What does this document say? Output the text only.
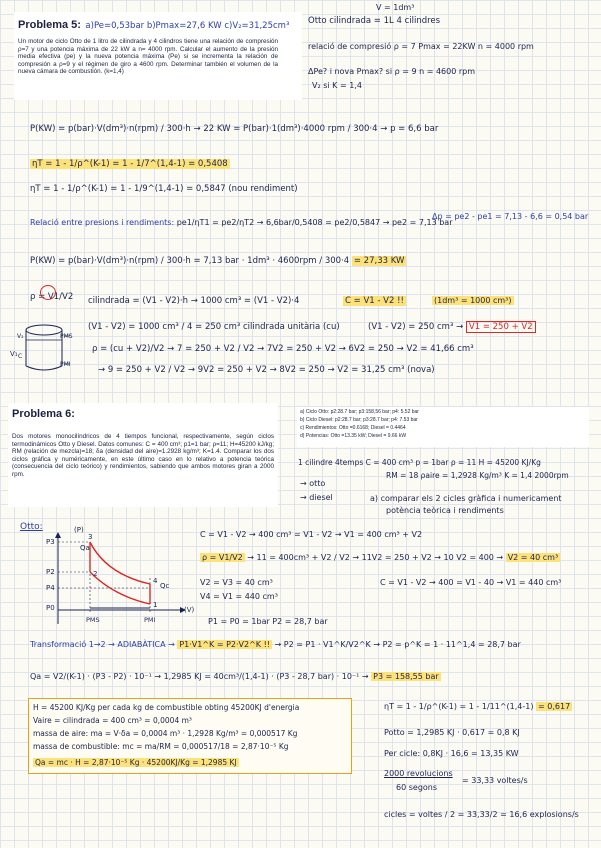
Problema 5: a)Pe=0,53bar b)Pmax=27,6 KW c)V₂=31,25cm³
Un motor de ciclo Otto de 1 litro de cilindrada y 4 cilindros tiene una relación de compresión ρ=7 y una potencia máxima de 22 kW a n= 4000 rpm. Calcular el aumento de la presión media efectiva (pe) y la nueva potencia máxima (Pe) si se incrementa la relación de compresión a ρ=9 y el régimen de giro a 4600 rpm. Determinar también el volumen de la nueva cámara de combustión. (k=1,4)
V = 1dm³
Otto cilindrada = 1L 4 cilindres
relació de compresió ρ = 7 Pmax = 22KW n = 4000 rpm
ΔPe? i nova Pmax? si ρ = 9 n = 4600 rpm
V₂ si K = 1,4
P(KW) = p(bar)·V(dm³)·n(rpm) / 300·h → 22 KW = P(bar)·1(dm³)·4000 rpm / 300·4 → p = 6,6 bar
ηT = 1 - 1/ρ^(K-1) = 1 - 1/7^(1,4-1) = 0,5408
ηT = 1 - 1/ρ^(K-1) = 1 - 1/9^(1,4-1) = 0,5847 (nou rendiment)
Relació entre presions i rendiments: pe1/ηT1 = pe2/ηT2 → 6,6bar/0,5408 = pe2/0,5847 → pe2 = 7,13 bar
Δp = pe2 - pe1 = 7,13 - 6,6 = 0,54 bar
P(KW) = p(bar)·V(dm³)·n(rpm) / 300·h = 7,13 bar · 1dm³ · 4600rpm / 300·4 = 27,33 KW
ρ = V1/V2 cilindrada = (V1 - V2)·h → 1000 cm³ = (V1 - V2)·4	C = V1 - V2 !!	(1dm³ = 1000 cm³)
(V1 - V2) = 1000 cm³ / 4 = 250 cm³ cilindrada unitària (cu)	(V1 - V2) = 250 cm³ → V1 = 250 + V2
V₁
V₂
C
PMS
PMI
ρ = (cu + V2)/V2 → 7 = 250 + V2 / V2 → 7V2 = 250 + V2 → 6V2 = 250 → V2 = 41,66 cm³
→ 9 = 250 + V2 / V2 → 9V2 = 250 + V2 → 8V2 = 250 → V2 = 31,25 cm³ (nova)
Problema 6:
Dos motores monocilíndricos de 4 tiempos funcional, respectivamente, según ciclos termodinámicos Otto y Diesel. Datos comunes: C = 400 cm³; p1=1 bar; ρ=11; H=45200 kJ/kg; RM (relación de mezcla)=18; δa (densidad del aire)=1.2928 kg/m³; K=1.4. Comparar los dos ciclos gráfica y numéricamente, en este último caso en lo relativo a potencia teórica (consecuencia del ciclo teórico) y rendimientos, sabiendo que ambos motores giran a 2000 rpm.
a) Ciclo Otto: p2:28.7 bar; p3:158,56 bar; p4: 5.52 bar
b) Ciclo Diesel: p2:28.7 bar; p3:28.7 bar; p4: 7.53 bar
c) Rendimientos: Otto =0.6168; Diesel = 0.4464
d) Potencias: Otto =13.35 kW; Diesel = 9.66 kW
1 cilindre 4temps C = 400 cm³ p = 1bar ρ = 11 H = 45200 KJ/Kg
RM = 18 ρaire = 1,2928 Kg/m³ K = 1,4 2000rpm
→ otto
→ diesel	a) comparar els 2 cicles gràfica i numericament
potència teòrica i rendiments
Otto:
3
2
4
1
(P)
(V)
Qa
Qc
P3
P2
P4
P0
PMS	PMI
C = V1 - V2 → 400 cm³ = V1 - V2 → V1 = 400 cm³ + V2
ρ = V1/V2 → 11 = 400cm³ + V2 / V2 → 11V2 = 250 + V2 → 10 V2 = 400 → V2 = 40 cm³
V2 = V3 = 40 cm³	C = V1 - V2 → 400 = V1 - 40 → V1 = 440 cm³
V4 = V1 = 440 cm³
P1 = P0 = 1bar P2 = 28,7 bar
Transformació 1→2 → ADIABÀTICA → P1·V1^K = P2·V2^K !! → P2 = P1 · V1^K/V2^K → P2 = p^K = 1 · 11^1,4 = 28,7 bar
Qa = V2/(K-1) · (P3 - P2) · 10⁻¹ → 1,2985 KJ = 40cm³/(1,4-1) · (P3 - 28,7 bar) · 10⁻¹ → P3 = 158,55 bar
H = 45200 KJ/Kg per cada kg de combustible obting 45200KJ d'energia
Vaire = cilindrada = 400 cm³ = 0,0004 m³
massa de aire: ma = V·δa = 0,0004 m³ · 1,2928 Kg/m³ = 0,000517 Kg
massa de combustible: mc = ma/RM = 0,000517/18 = 2,87·10⁻⁵ Kg
Qa = mc · H = 2,87·10⁻⁵ Kg · 45200KJ/Kg = 1,2985 KJ
ηT = 1 - 1/ρ^(K-1) = 1 - 1/11^(1,4-1) = 0,617
Potto = 1,2985 KJ · 0,617 = 0,8 KJ
Per cicle: 0,8KJ · 16,6 = 13,35 KW
2000 revolucions
60 segons
= 33,33 voltes/s
cicles = voltes / 2 = 33,33/2 = 16,6 explosions/s
